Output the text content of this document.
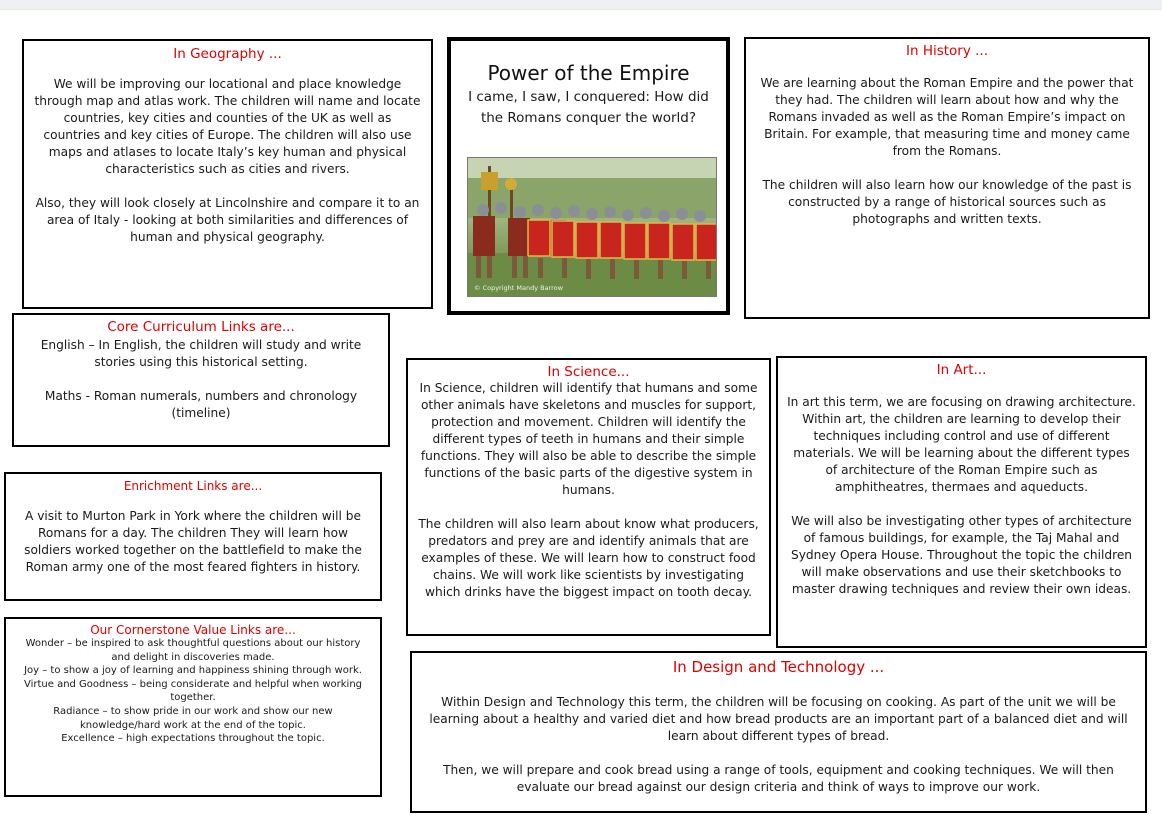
In Geography ...

We will be improving our locational and place knowledge through map and atlas work. The children will name and locate countries, key cities and counties of the UK as well as countries and key cities of Europe. The children will also use maps and atlases to locate Italy’s key human and physical characteristics such as cities and rivers.

Also, they will look closely at Lincolnshire and compare it to an area of Italy - looking at both similarities and differences of human and physical geography.

Power of the Empire

I came, I saw, I conquered: How did the Romans conquer the world?

© Copyright Mandy Barrow
In History ...

We are learning about the Roman Empire and the power that they had. The children will learn about how and why the Romans invaded as well as the Roman Empire’s impact on Britain. For example, that measuring time and money came from the Romans.

The children will also learn how our knowledge of the past is constructed by a range of historical sources such as photographs and written texts.

Core Curriculum Links are...

English – In English, the children will study and write stories using this historical setting.

Maths - Roman numerals, numbers and chronology (timeline)

Enrichment Links are...

A visit to Murton Park in York where the children will be Romans for a day. The children They will learn how soldiers worked together on the battlefield to make the Roman army one of the most feared fighters in history.

Our Cornerstone Value Links are...

Wonder – be inspired to ask thoughtful questions about our history and delight in discoveries made.

Joy – to show a joy of learning and happiness shining through work.

Virtue and Goodness – being considerate and helpful when working together.

Radiance – to show pride in our work and show our new knowledge/hard work at the end of the topic.

Excellence – high expectations throughout the topic.

In Science...

In Science, children will identify that humans and some other animals have skeletons and muscles for support, protection and movement. Children will identify the different types of teeth in humans and their simple functions. They will also be able to describe the simple functions of the basic parts of the digestive system in humans.

The children will also learn about know what producers, predators and prey are and identify animals that are examples of these. We will learn how to construct food chains. We will work like scientists by investigating which drinks have the biggest impact on tooth decay.

In Art...

In art this term, we are focusing on drawing architecture. Within art, the children are learning to develop their techniques including control and use of different materials. We will be learning about the different types of architecture of the Roman Empire such as amphitheatres, thermaes and aqueducts.

We will also be investigating other types of architecture of famous buildings, for example, the Taj Mahal and Sydney Opera House. Throughout the topic the children will make observations and use their sketchbooks to master drawing techniques and review their own ideas.

In Design and Technology ...

Within Design and Technology this term, the children will be focusing on cooking. As part of the unit we will be learning about a healthy and varied diet and how bread products are an important part of a balanced diet and will learn about different types of bread.

Then, we will prepare and cook bread using a range of tools, equipment and cooking techniques. We will then evaluate our bread against our design criteria and think of ways to improve our work.
